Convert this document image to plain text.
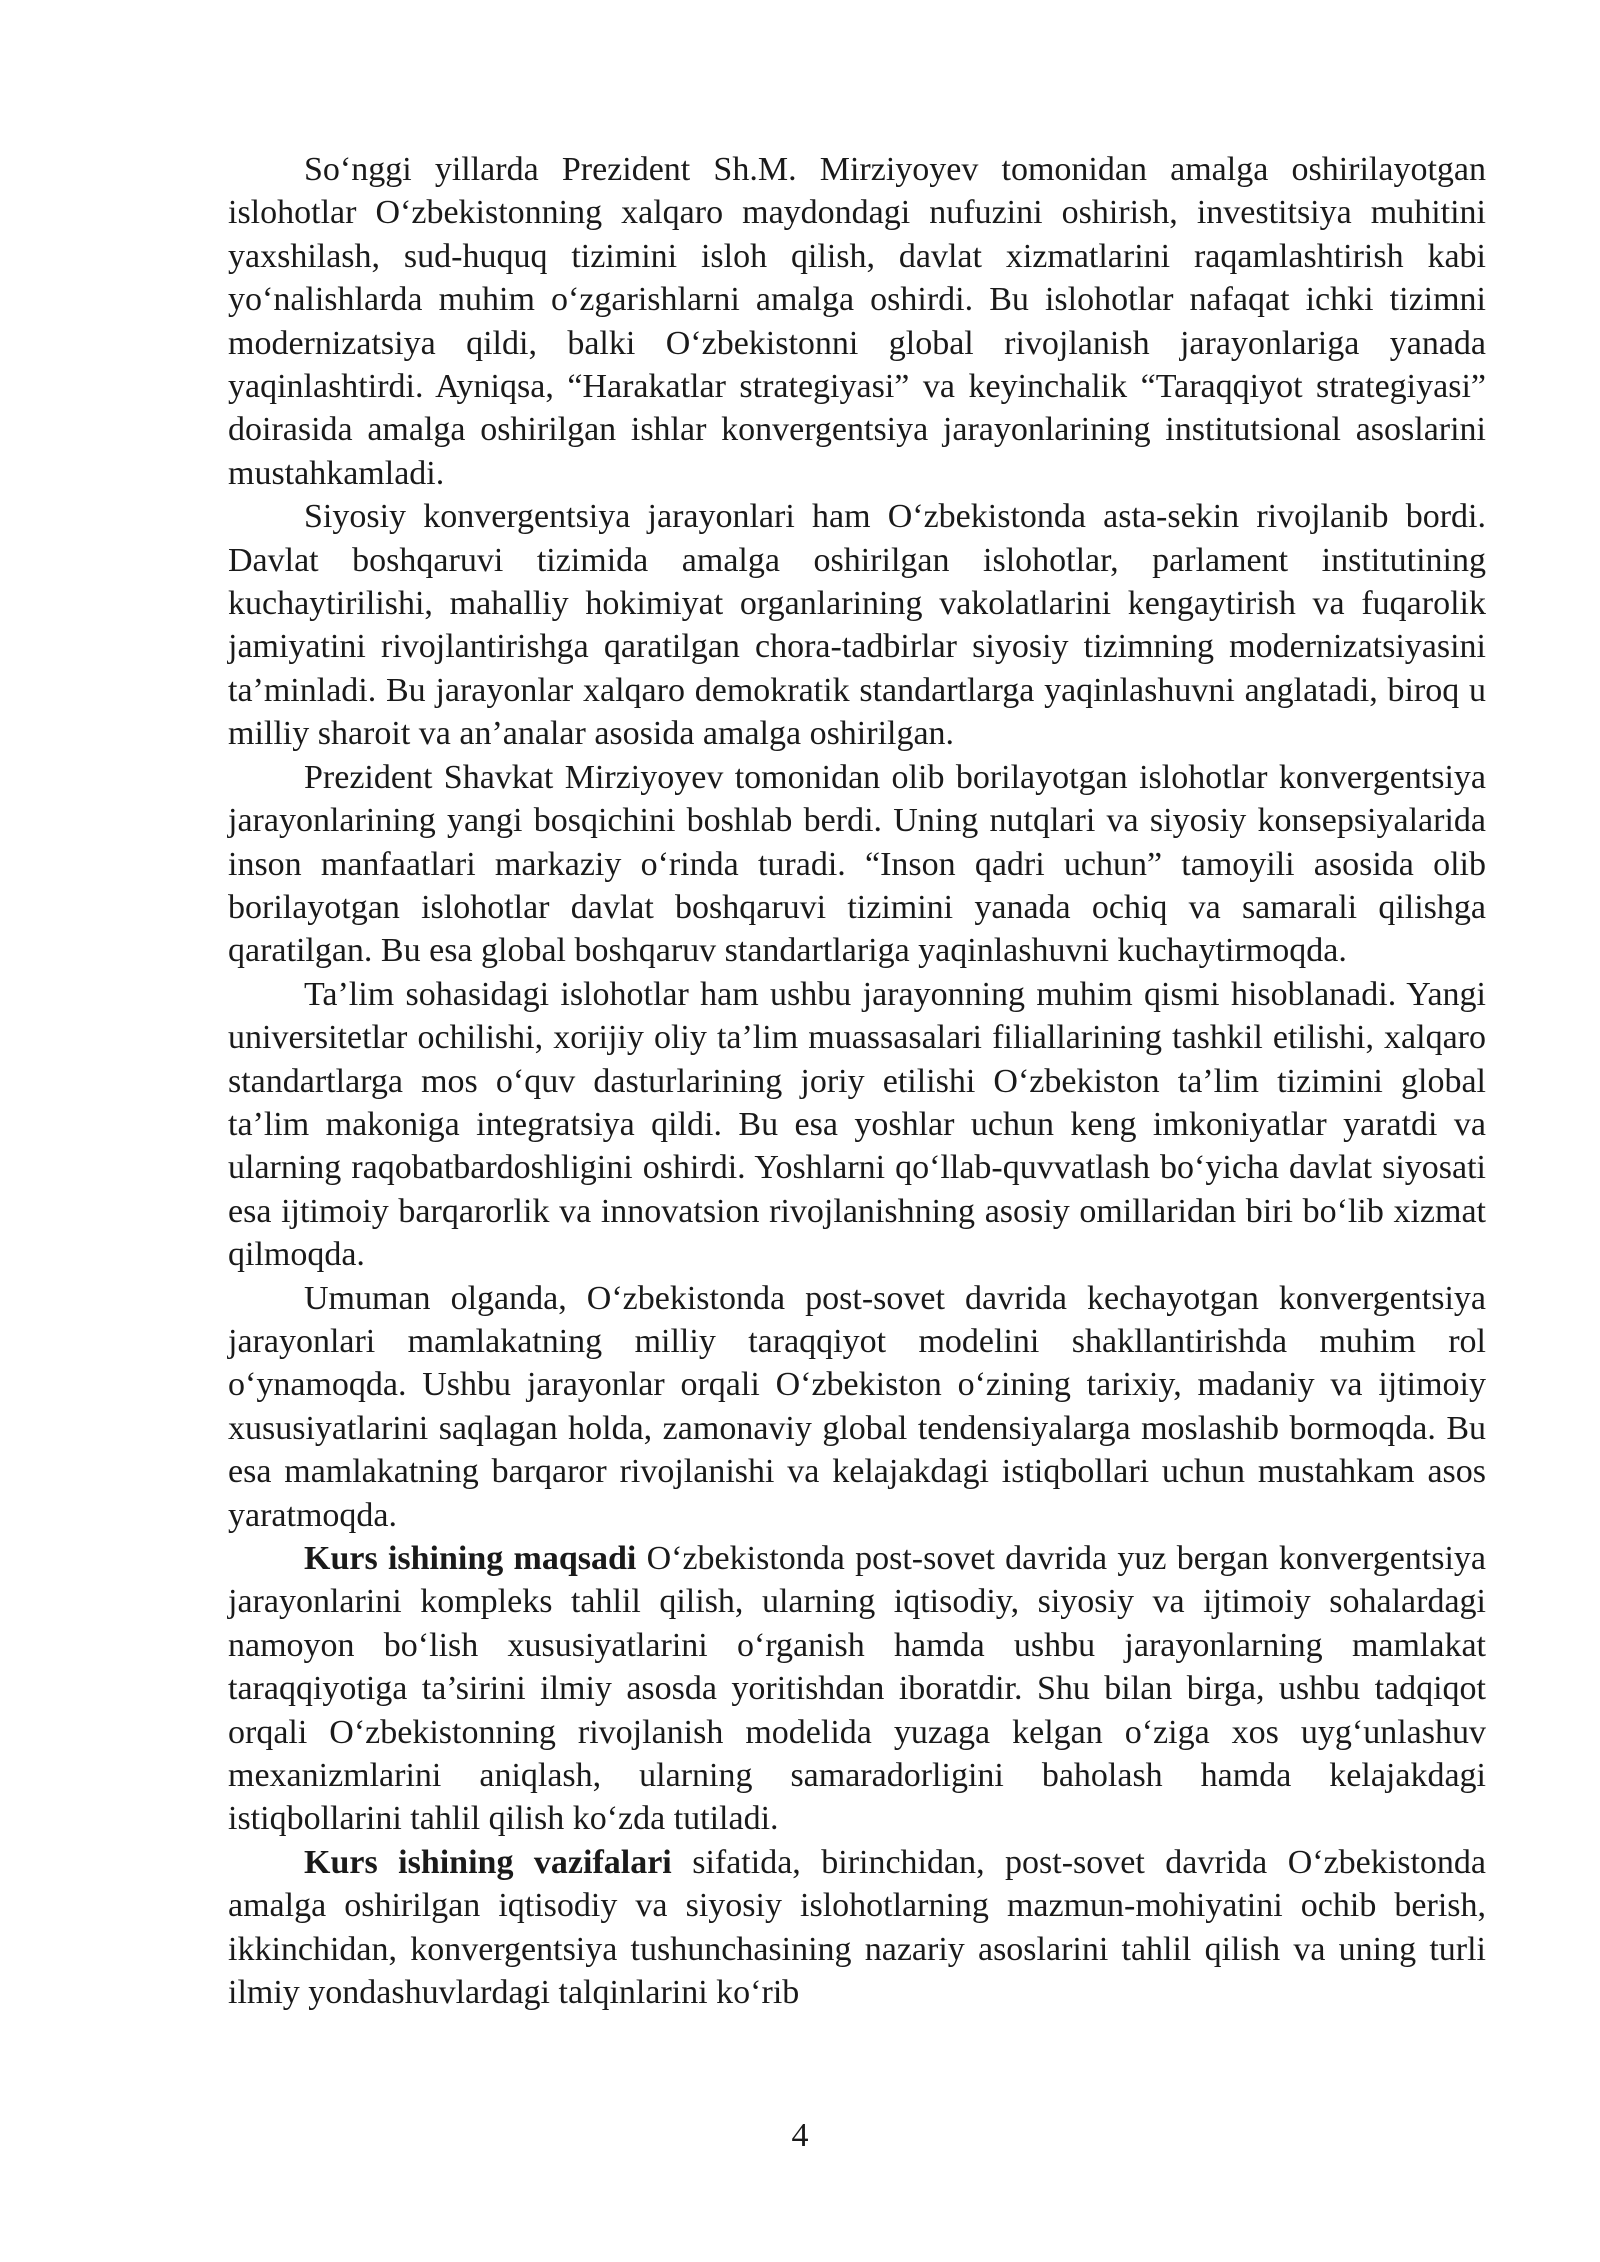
So‘nggi yillarda Prezident Sh.M. Mirziyoyev tomonidan amalga oshirilayotgan islohotlar O‘zbekistonning xalqaro maydondagi nufuzini oshirish, investitsiya muhitini yaxshilash, sud-huquq tizimini isloh qilish, davlat xizmatlarini raqamlashtirish kabi yo‘nalishlarda muhim o‘zgarishlarni amalga oshirdi. Bu islohotlar nafaqat ichki tizimni modernizatsiya qildi, balki O‘zbekistonni global rivojlanish jarayonlariga yanada yaqinlashtirdi. Ayniqsa, “Harakatlar strategiyasi” va keyinchalik “Taraqqiyot strategiyasi” doirasida amalga oshirilgan ishlar konvergentsiya jarayonlarining institutsional asoslarini mustahkamladi.

Siyosiy konvergentsiya jarayonlari ham O‘zbekistonda asta-sekin rivojlanib bordi. Davlat boshqaruvi tizimida amalga oshirilgan islohotlar, parlament institutining kuchaytirilishi, mahalliy hokimiyat organlarining vakolatlarini kengaytirish va fuqarolik jamiyatini rivojlantirishga qaratilgan chora-tadbirlar siyosiy tizimning modernizatsiyasini ta’minladi. Bu jarayonlar xalqaro demokratik standartlarga yaqinlashuvni anglatadi, biroq u milliy sharoit va an’analar asosida amalga oshirilgan.

Prezident Shavkat Mirziyoyev tomonidan olib borilayotgan islohotlar konvergentsiya jarayonlarining yangi bosqichini boshlab berdi. Uning nutqlari va siyosiy konsepsiyalarida inson manfaatlari markaziy o‘rinda turadi. “Inson qadri uchun” tamoyili asosida olib borilayotgan islohotlar davlat boshqaruvi tizimini yanada ochiq va samarali qilishga qaratilgan. Bu esa global boshqaruv standartlariga yaqinlashuvni kuchaytirmoqda.

Ta’lim sohasidagi islohotlar ham ushbu jarayonning muhim qismi hisoblanadi. Yangi universitetlar ochilishi, xorijiy oliy ta’lim muassasalari filiallarining tashkil etilishi, xalqaro standartlarga mos o‘quv dasturlarining joriy etilishi O‘zbekiston ta’lim tizimini global ta’lim makoniga integratsiya qildi. Bu esa yoshlar uchun keng imkoniyatlar yaratdi va ularning raqobatbardoshligini oshirdi. Yoshlarni qo‘llab-quvvatlash bo‘yicha davlat siyosati esa ijtimoiy barqarorlik va innovatsion rivojlanishning asosiy omillaridan biri bo‘lib xizmat qilmoqda.

Umuman olganda, O‘zbekistonda post-sovet davrida kechayotgan konvergentsiya jarayonlari mamlakatning milliy taraqqiyot modelini shakllantirishda muhim rol o‘ynamoqda. Ushbu jarayonlar orqali O‘zbekiston o‘zining tarixiy, madaniy va ijtimoiy xususiyatlarini saqlagan holda, zamonaviy global tendensiyalarga moslashib bormoqda. Bu esa mamlakatning barqaror rivojlanishi va kelajakdagi istiqbollari uchun mustahkam asos yaratmoqda.

Kurs ishining maqsadi O‘zbekistonda post-sovet davrida yuz bergan konvergentsiya jarayonlarini kompleks tahlil qilish, ularning iqtisodiy, siyosiy va ijtimoiy sohalardagi namoyon bo‘lish xususiyatlarini o‘rganish hamda ushbu jarayonlarning mamlakat taraqqiyotiga ta’sirini ilmiy asosda yoritishdan iboratdir. Shu bilan birga, ushbu tadqiqot orqali O‘zbekistonning rivojlanish modelida yuzaga kelgan o‘ziga xos uyg‘unlashuv mexanizmlarini aniqlash, ularning samaradorligini baholash hamda kelajakdagi istiqbollarini tahlil qilish ko‘zda tutiladi.

Kurs ishining vazifalari sifatida, birinchidan, post-sovet davrida O‘zbekistonda amalga oshirilgan iqtisodiy va siyosiy islohotlarning mazmun-mohiyatini ochib berish, ikkinchidan, konvergentsiya tushunchasining nazariy asoslarini tahlil qilish va uning turli ilmiy yondashuvlardagi talqinlarini ko‘rib

4
